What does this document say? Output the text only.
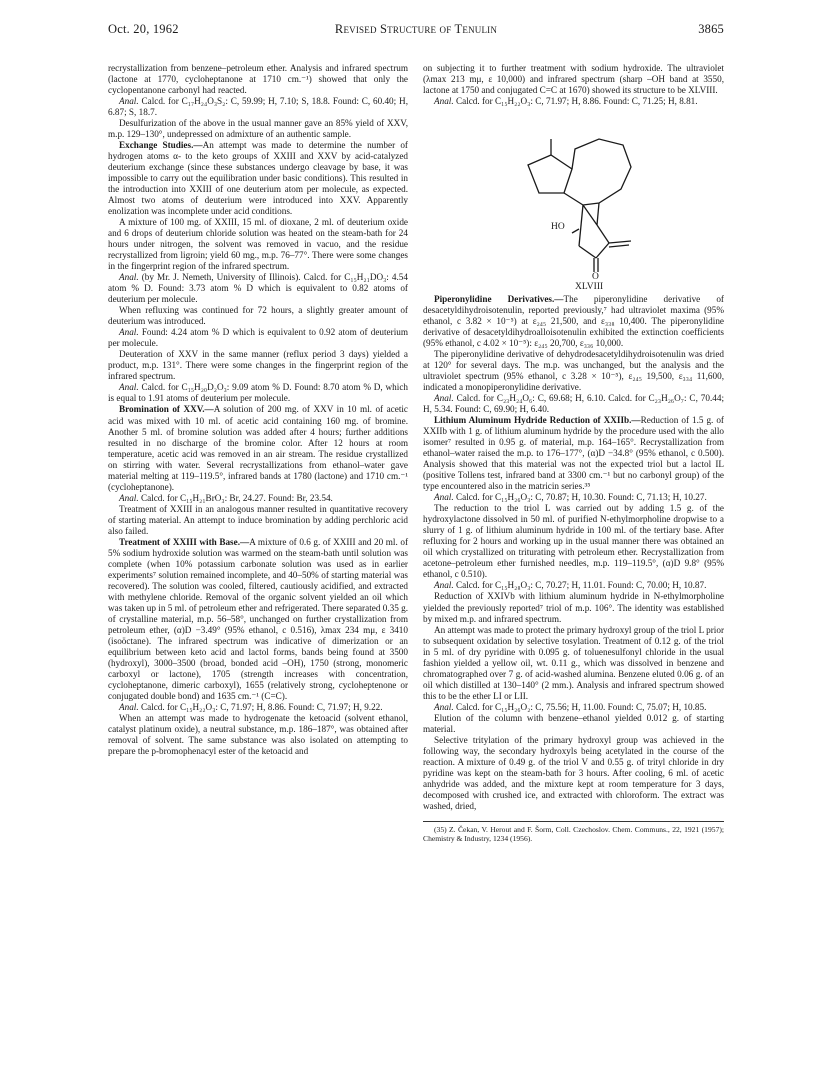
Oct. 20, 1962	Revised Structure of Tenulin	3865

recrystallization from benzene–petroleum ether. Analysis and infrared spectrum (lactone at 1770, cycloheptanone at 1710 cm.⁻¹) showed that only the cyclopentanone carbonyl had reacted.

Anal. Calcd. for C₁₇H₂₄O₃S₂: C, 59.99; H, 7.10; S, 18.8. Found: C, 60.40; H, 6.87; S, 18.7.

Desulfurization of the above in the usual manner gave an 85% yield of XXV, m.p. 129–130°, undepressed on admixture of an authentic sample.

Exchange Studies.—An attempt was made to determine the number of hydrogen atoms α- to the keto groups of XXIII and XXV by acid-catalyzed deuterium exchange (since these substances undergo cleavage by base, it was impossible to carry out the equilibration under basic conditions). This resulted in the introduction into XXIII of one deuterium atom per molecule, as expected. Almost two atoms of deuterium were introduced into XXV. Apparently enolization was incomplete under acid conditions.

A mixture of 100 mg. of XXIII, 15 ml. of dioxane, 2 ml. of deuterium oxide and 6 drops of deuterium chloride solution was heated on the steam-bath for 24 hours under nitrogen, the solvent was removed in vacuo, and the residue recrystallized from ligroin; yield 60 mg., m.p. 76–77°. There were some changes in the fingerprint region of the infrared spectrum.

Anal. (by Mr. J. Nemeth, University of Illinois). Calcd. for C₁₅H₂₁DO₃: 4.54 atom % D. Found: 3.73 atom % D which is equivalent to 0.82 atoms of deuterium per molecule.

When refluxing was continued for 72 hours, a slightly greater amount of deuterium was introduced.

Anal. Found: 4.24 atom % D which is equivalent to 0.92 atom of deuterium per molecule.

Deuteration of XXV in the same manner (reflux period 3 days) yielded a product, m.p. 131°. There were some changes in the fingerprint region of the infrared spectrum.

Anal. Calcd. for C₁₅H₂₀D₂O₃: 9.09 atom % D. Found: 8.70 atom % D, which is equal to 1.91 atoms of deuterium per molecule.

Bromination of XXV.—A solution of 200 mg. of XXV in 10 ml. of acetic acid was mixed with 10 ml. of acetic acid containing 160 mg. of bromine. Another 5 ml. of bromine solution was added after 4 hours; further additions resulted in no discharge of the bromine color. After 12 hours at room temperature, acetic acid was removed in an air stream. The residue crystallized on stirring with water. Several recrystallizations from ethanol–water gave material melting at 119–119.5°, infrared bands at 1780 (lactone) and 1710 cm.⁻¹ (cycloheptanone).

Anal. Calcd. for C₁₅H₂₁BrO₃: Br, 24.27. Found: Br, 23.54.

Treatment of XXIII in an analogous manner resulted in quantitative recovery of starting material. An attempt to induce bromination by adding perchloric acid also failed.

Treatment of XXIII with Base.—A mixture of 0.6 g. of XXIII and 20 ml. of 5% sodium hydroxide solution was warmed on the steam-bath until solution was complete (when 10% potassium carbonate solution was used as in earlier experiments⁷ solution remained incomplete, and 40–50% of starting material was recovered). The solution was cooled, filtered, cautiously acidified, and extracted with methylene chloride. Removal of the organic solvent yielded an oil which was taken up in 5 ml. of petroleum ether and refrigerated. There separated 0.35 g. of crystalline material, m.p. 56–58°, unchanged on further crystallization from petroleum ether, (α)D −3.49° (95% ethanol, c 0.516), λmax 234 mμ, ε 3410 (isoöctane). The infrared spectrum was indicative of dimerization or an equilibrium between keto acid and lactol forms, bands being found at 3500 (hydroxyl), 3000–3500 (broad, bonded acid –OH), 1750 (strong, monomeric carboxyl or lactone), 1705 (strength increases with concentration, cycloheptanone, dimeric carboxyl), 1655 (relatively strong, cycloheptenone or conjugated double bond) and 1635 cm.⁻¹ (C=C).

Anal. Calcd. for C₁₅H₂₂O₃: C, 71.97; H, 8.86. Found: C, 71.97; H, 9.22.

When an attempt was made to hydrogenate the ketoacid (solvent ethanol, catalyst platinum oxide), a neutral substance, m.p. 186–187°, was obtained after removal of solvent. The same substance was also isolated on attempting to prepare the p-bromophenacyl ester of the ketoacid and

on subjecting it to further treatment with sodium hydroxide. The ultraviolet (λmax 213 mμ, ε 10,000) and infrared spectrum (sharp –OH band at 3550, lactone at 1750 and conjugated C=C at 1670) showed its structure to be XLVIII.

Anal. Calcd. for C₁₅H₂₂O₃: C, 71.97; H, 8.86. Found: C, 71.25; H, 8.81.

HO
O
XLVIII

Piperonylidine Derivatives.—The piperonylidine derivative of desacetyldihydroisotenulin, reported previously,⁷ had ultraviolet maxima (95% ethanol, c 3.82 × 10⁻⁵) at ε₂₄₅ 21,500, and ε₃₃₈ 10,400. The piperonylidine derivative of desacetyldihydroalloisotenulin exhibited the extinction coefficients (95% ethanol, c 4.02 × 10⁻⁵): ε₂₄₅ 20,700, ε₃₃₆ 10,000.

The piperonylidine derivative of dehydrodesacetyldihydroisotenulin was dried at 120° for several days. The m.p. was unchanged, but the analysis and the ultraviolet spectrum (95% ethanol, c 3.28 × 10⁻⁵), ε₂₄₅ 19,500, ε₃₃₄ 11,600, indicated a monopiperonylidine derivative.

Anal. Calcd. for C₂₃H₂₄O₆: C, 69.68; H, 6.10. Calcd. for C₂₃H₂₆O₇: C, 70.44; H, 5.34. Found: C, 69.90; H, 6.40.

Lithium Aluminum Hydride Reduction of XXIIb.—Reduction of 1.5 g. of XXIIb with 1 g. of lithium aluminum hydride by the procedure used with the allo isomer⁷ resulted in 0.95 g. of material, m.p. 164–165°. Recrystallization from ethanol–water raised the m.p. to 176–177°, (α)D −34.8° (95% ethanol, c 0.500). Analysis showed that this material was not the expected triol but a lactol IL (positive Tollens test, infrared band at 3300 cm.⁻¹ but no carbonyl group) of the type encountered also in the matricin series.³⁵

Anal. Calcd. for C₁₅H₂₆O₃: C, 70.87; H, 10.30. Found: C, 71.13; H, 10.27.

The reduction to the triol L was carried out by adding 1.5 g. of the hydroxylactone dissolved in 50 ml. of purified N-ethylmorpholine dropwise to a slurry of 1 g. of lithium aluminum hydride in 100 ml. of the tertiary base. After refluxing for 2 hours and working up in the usual manner there was obtained an oil which crystallized on triturating with petroleum ether. Recrystallization from acetone–petroleum ether furnished needles, m.p. 119–119.5°, (α)D 9.8° (95% ethanol, c 0.510).

Anal. Calcd. for C₁₅H₂₈O₃: C, 70.27; H, 11.01. Found: C, 70.00; H, 10.87.

Reduction of XXIVb with lithium aluminum hydride in N-ethylmorpholine yielded the previously reported⁷ triol of m.p. 106°. The identity was established by mixed m.p. and infrared spectrum.

An attempt was made to protect the primary hydroxyl group of the triol L prior to subsequent oxidation by selective tosylation. Treatment of 0.12 g. of the triol in 5 ml. of dry pyridine with 0.095 g. of toluenesulfonyl chloride in the usual fashion yielded a yellow oil, wt. 0.11 g., which was dissolved in benzene and chromatographed over 7 g. of acid-washed alumina. Benzene eluted 0.06 g. of an oil which distilled at 130–140° (2 mm.). Analysis and infrared spectrum showed this to be the ether LI or LII.

Anal. Calcd. for C₁₅H₂₆O₂: C, 75.56; H, 11.00. Found: C, 75.07; H, 10.85.

Elution of the column with benzene–ethanol yielded 0.012 g. of starting material.

Selective tritylation of the primary hydroxyl group was achieved in the following way, the secondary hydroxyls being acetylated in the course of the reaction. A mixture of 0.49 g. of the triol V and 0.55 g. of trityl chloride in dry pyridine was kept on the steam-bath for 3 hours. After cooling, 6 ml. of acetic anhydride was added, and the mixture kept at room temperature for 3 days, decomposed with crushed ice, and extracted with chloroform. The extract was washed, dried,

(35) Z. Čekan, V. Herout and F. Šorm, Coll. Czechoslov. Chem. Communs., 22, 1921 (1957); Chemistry & Industry, 1234 (1956).
